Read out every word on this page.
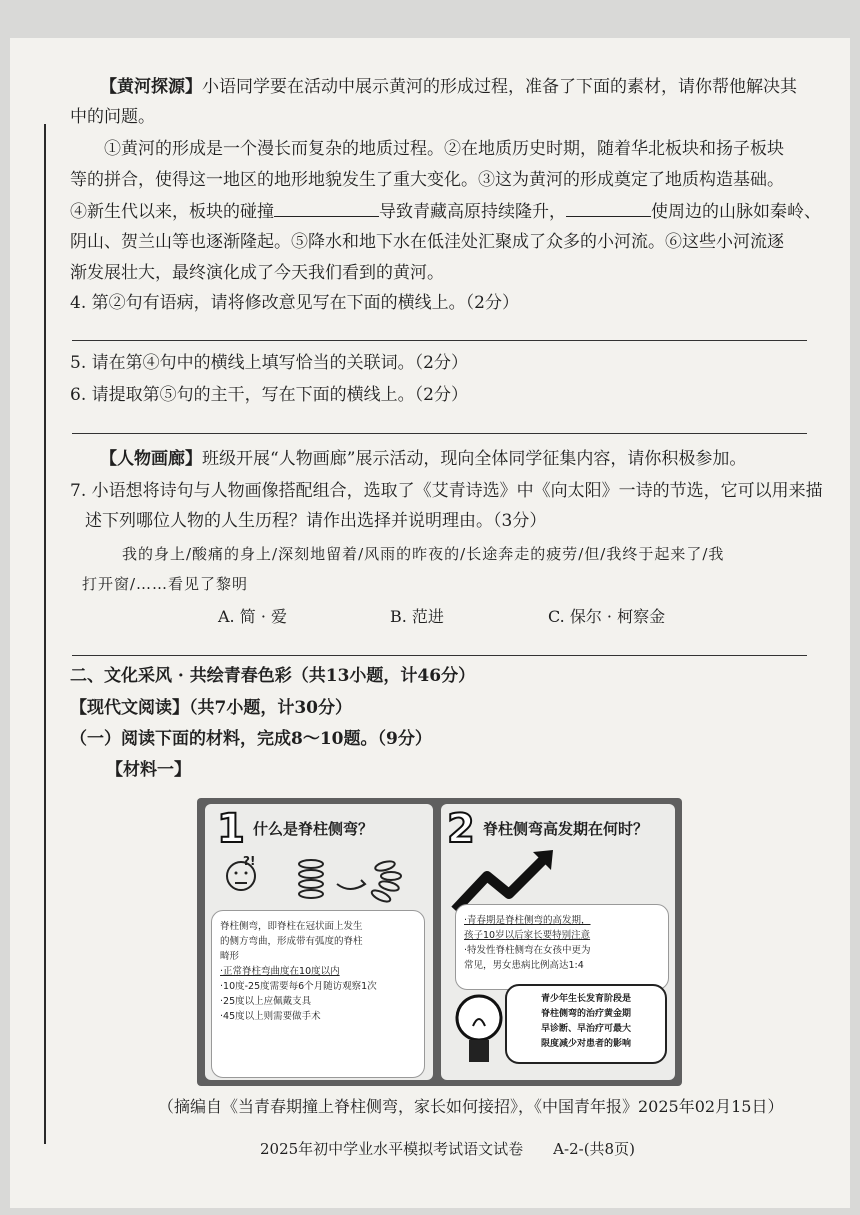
【黄河探源】小语同学要在活动中展示黄河的形成过程，准备了下面的素材，请你帮他解决其
中的问题。
①黄河的形成是一个漫长而复杂的地质过程。②在地质历史时期，随着华北板块和扬子板块
等的拼合，使得这一地区的地形地貌发生了重大变化。③这为黄河的形成奠定了地质构造基础。
④新生代以来，板块的碰撞	导致青藏高原持续隆升，	使周边的山脉如秦岭、
阴山、贺兰山等也逐渐隆起。⑤降水和地下水在低洼处汇聚成了众多的小河流。⑥这些小河流逐
渐发展壮大，最终演化成了今天我们看到的黄河。
4. 第②句有语病，请将修改意见写在下面的横线上。（2分）
5. 请在第④句中的横线上填写恰当的关联词。（2分）
6. 请提取第⑤句的主干，写在下面的横线上。（2分）
【人物画廊】班级开展“人物画廊”展示活动，现向全体同学征集内容，请你积极参加。
7. 小语想将诗句与人物画像搭配组合，选取了《艾青诗选》中《向太阳》一诗的节选，它可以用来描
述下列哪位人物的人生历程？请作出选择并说明理由。（3分）
我的身上/酸痛的身上/深刻地留着/风雨的昨夜的/长途奔走的疲劳/但/我终于起来了/我
打开窗/……看见了黎明
A. 简 · 爱	B. 范进	C. 保尔 · 柯察金
二、文化采风 · 共绘青春色彩（共13小题，计46分）
【现代文阅读】（共7小题，计30分）
（一）阅读下面的材料，完成8～10题。（9分）
【材料一】
（摘编自《当青春期撞上脊柱侧弯，家长如何接招》，《中国青年报》2025年02月15日）
2025年初中学业水平模拟考试语文试卷　　A-2-(共8页)
1 什么是脊柱侧弯？
?!
脊柱侧弯，即脊柱在冠状面上发生
的侧方弯曲，形成带有弧度的脊柱
畸形
·正常脊柱弯曲度在10度以内
·10度-25度需要每6个月随访观察1次
·25度以上应佩戴支具
·45度以上则需要做手术
2 脊柱侧弯高发期在何时？
·青春期是脊柱侧弯的高发期，
孩子10岁以后家长要特别注意
·特发性脊柱侧弯在女孩中更为
常见，男女患病比例高达1:4
青少年生长发育阶段是
脊柱侧弯的治疗黄金期
早诊断、早治疗可最大
限度减少对患者的影响
